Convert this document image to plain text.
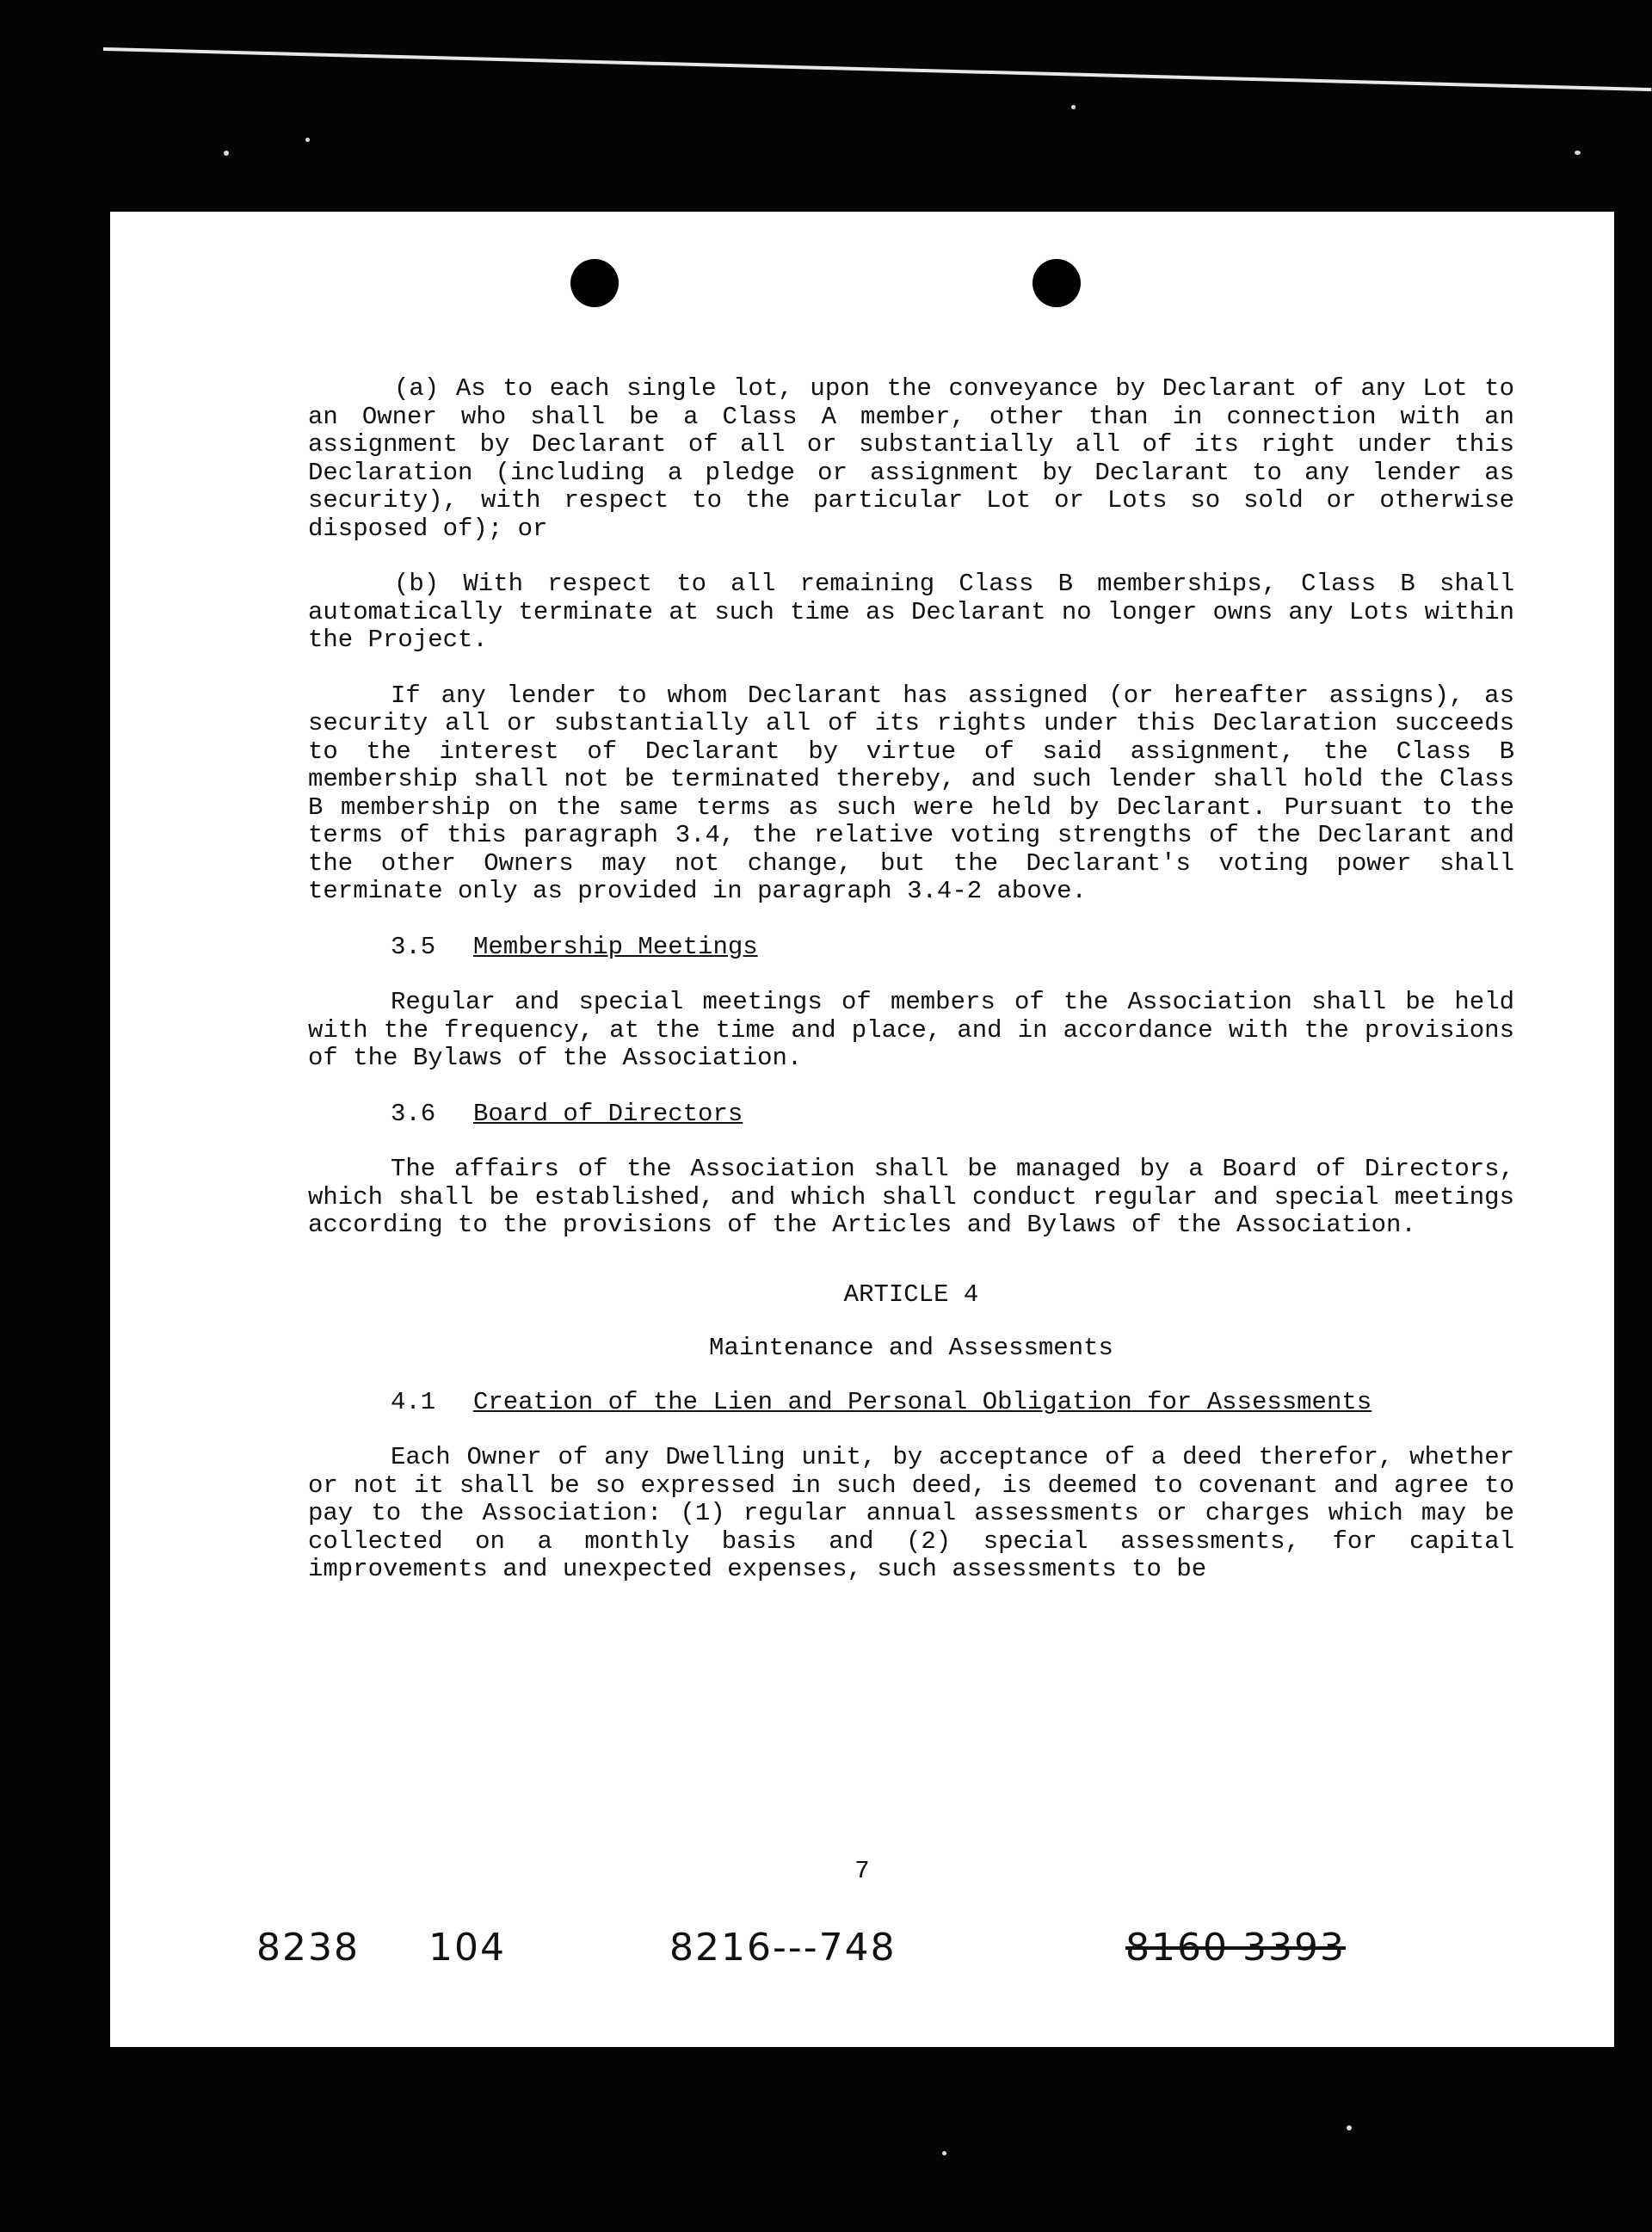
(a) As to each single lot, upon the conveyance by Declarant of any Lot to an Owner who shall be a Class A member, other than in connection with an assignment by Declarant of all or substantially all of its right under this Declaration (including a pledge or assignment by Declarant to any lender as security), with respect to the particular Lot or Lots so sold or otherwise disposed of); or

(b) With respect to all remaining Class B memberships, Class B shall automatically terminate at such time as Declarant no longer owns any Lots within the Project.

If any lender to whom Declarant has assigned (or hereafter assigns), as security all or substantially all of its rights under this Declaration succeeds to the interest of Declarant by virtue of said assignment, the Class B membership shall not be terminated thereby, and such lender shall hold the Class B membership on the same terms as such were held by Declarant. Pursuant to the terms of this paragraph 3.4, the relative voting strengths of the Declarant and the other Owners may not change, but the Declarant's voting power shall terminate only as provided in paragraph 3.4-2 above.

3.5	Membership Meetings

Regular and special meetings of members of the Association shall be held with the frequency, at the time and place, and in accordance with the provisions of the Bylaws of the Association.

3.6	Board of Directors

The affairs of the Association shall be managed by a Board of Directors, which shall be established, and which shall conduct regular and special meetings according to the provisions of the Articles and Bylaws of the Association.

ARTICLE 4

Maintenance and Assessments

4.1	Creation of the Lien and Personal Obligation for Assessments

Each Owner of any Dwelling unit, by acceptance of a deed therefor, whether or not it shall be so expressed in such deed, is deemed to covenant and agree to pay to the Association: (1) regular annual assessments or charges which may be collected on a monthly basis and (2) special assessments, for capital improvements and unexpected expenses, such assessments to be

7
8238 104	8216---748	8160 3393
